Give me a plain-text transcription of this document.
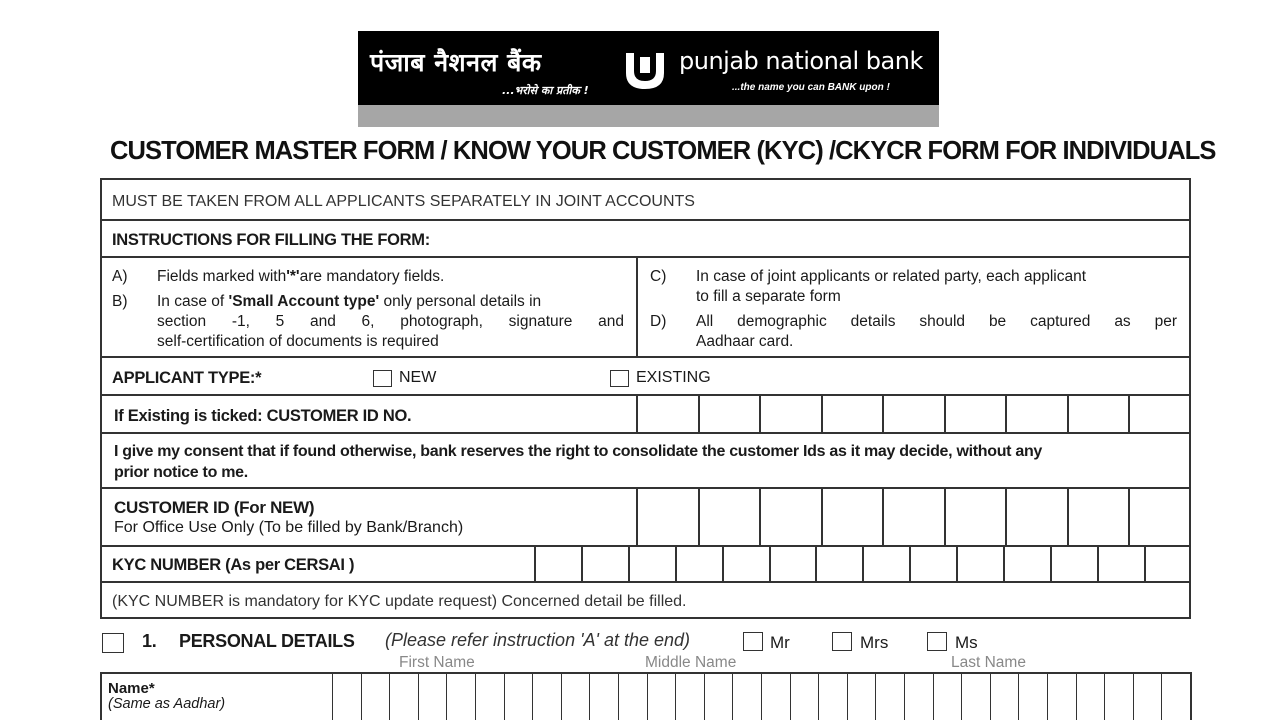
पंजाब नैशनल बैंक
...भरोसे का प्रतीक !
punjab national bank
...the name you can BANK upon !
CUSTOMER MASTER FORM / KNOW YOUR CUSTOMER (KYC) /CKYCR FORM FOR INDIVIDUALS
MUST BE TAKEN FROM ALL APPLICANTS SEPARATELY IN JOINT ACCOUNTS
INSTRUCTIONS FOR FILLING THE FORM:
A) Fields marked with'*'are mandatory fields.
B) In case of 'Small Account type' only personal details in
section -1, 5 and 6, photograph, signature and
self-certification of documents is required
C) In case of joint applicants or related party, each applicant
to fill a separate form
D) All demographic details should be captured as per
Aadhaar card.
APPLICANT TYPE:*	NEW	EXISTING
If Existing is ticked: CUSTOMER ID NO.
I give my consent that if found otherwise, bank reserves the right to consolidate the customer Ids as it may decide, without any
prior notice to me.
CUSTOMER ID (For NEW)
For Office Use Only (To be filled by Bank/Branch)
KYC NUMBER (As per CERSAI )
(KYC NUMBER is mandatory for KYC update request) Concerned detail be filled.
1. PERSONAL DETAILS (Please refer instruction 'A' at the end)	Mr	Mrs	Ms
First Name	Middle Name	Last Name
Name*
(Same as Aadhar)
